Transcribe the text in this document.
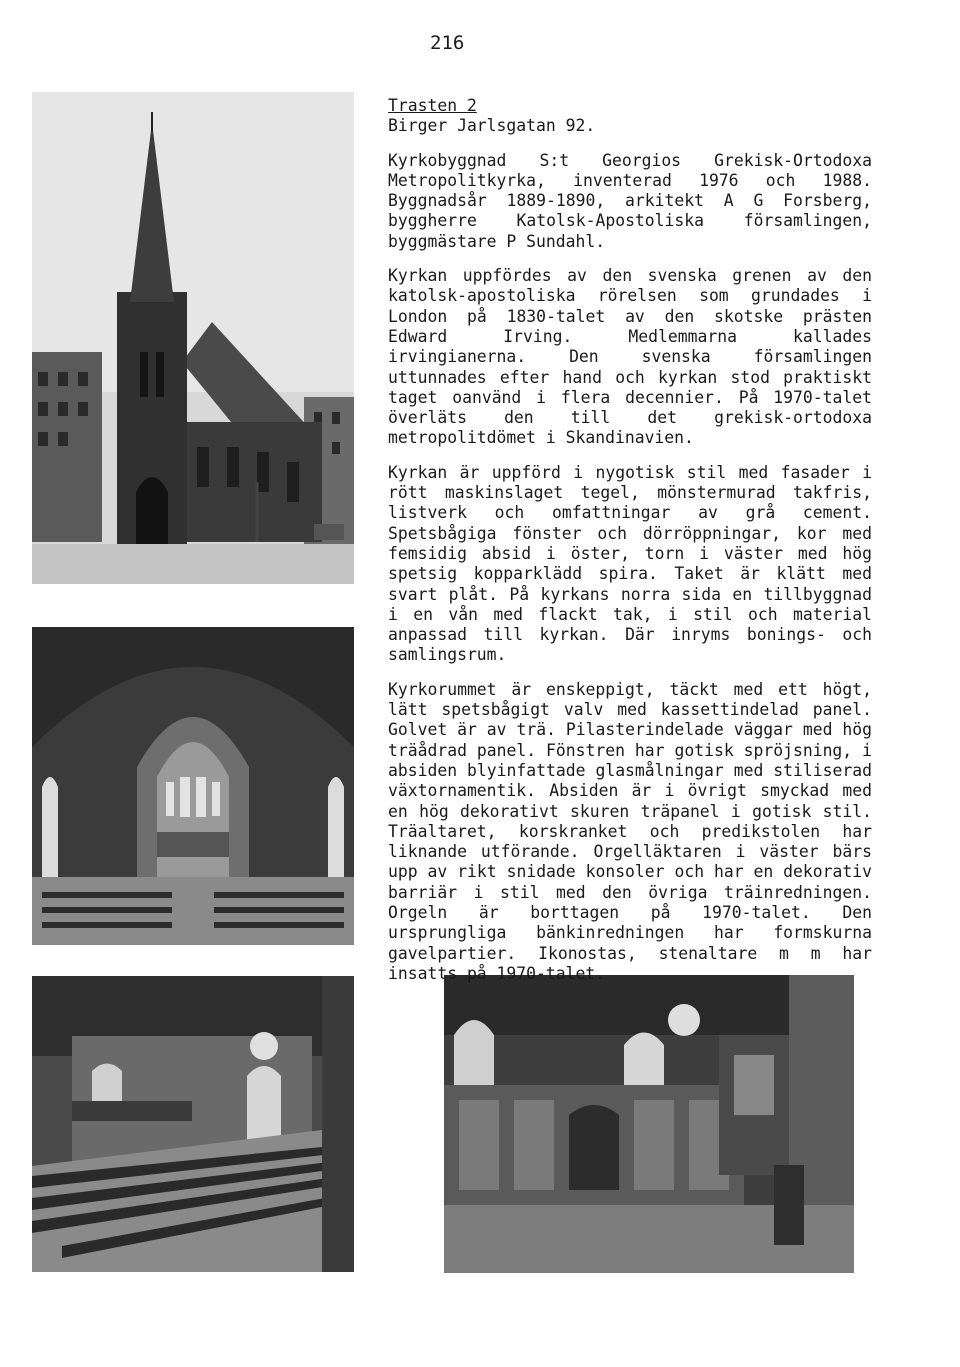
216
Trasten 2
Birger Jarlsgatan 92.

Kyrkobyggnad S:t Georgios Grekisk-Ortodoxa Metropolitkyrka, inventerad 1976 och 1988. Byggnadsår 1889-1890, arkitekt A G Forsberg, byggherre Katolsk-Apostoliska församlingen, byggmästare P Sundahl.

Kyrkan uppfördes av den svenska grenen av den katolsk-apostoliska rörelsen som grundades i London på 1830-talet av den skotske prästen Edward Irving. Medlemmarna kallades irvingianerna. Den svenska församlingen uttunnades efter hand och kyrkan stod praktiskt taget oanvänd i flera decennier. På 1970-talet överläts den till det grekisk-ortodoxa metropolitdömet i Skandinavien.

Kyrkan är uppförd i nygotisk stil med fasader i rött maskinslaget tegel, mönstermurad takfris, listverk och omfattningar av grå cement. Spetsbågiga fönster och dörröppningar, kor med femsidig absid i öster, torn i väster med hög spetsig kopparklädd spira. Taket är klätt med svart plåt. På kyrkans norra sida en tillbyggnad i en vån med flackt tak, i stil och material anpassad till kyrkan. Där inryms bonings- och samlingsrum.

Kyrkorummet är enskeppigt, täckt med ett högt, lätt spetsbågigt valv med kassettindelad panel. Golvet är av trä. Pilasterindelade väggar med hög träådrad panel. Fönstren har gotisk spröjsning, i absiden blyinfattade glasmålningar med stiliserad växtornamentik. Absiden är i övrigt smyckad med en hög dekorativt skuren träpanel i gotisk stil. Träaltaret, korskranket och predikstolen har liknande utförande. Orgelläktaren i väster bärs upp av rikt snidade konsoler och har en dekorativ barriär i stil med den övriga träinredningen. Orgeln är borttagen på 1970-talet. Den ursprungliga bänkinredningen har formskurna gavelpartier. Ikonostas, stenaltare m m har insatts på 1970-talet.
